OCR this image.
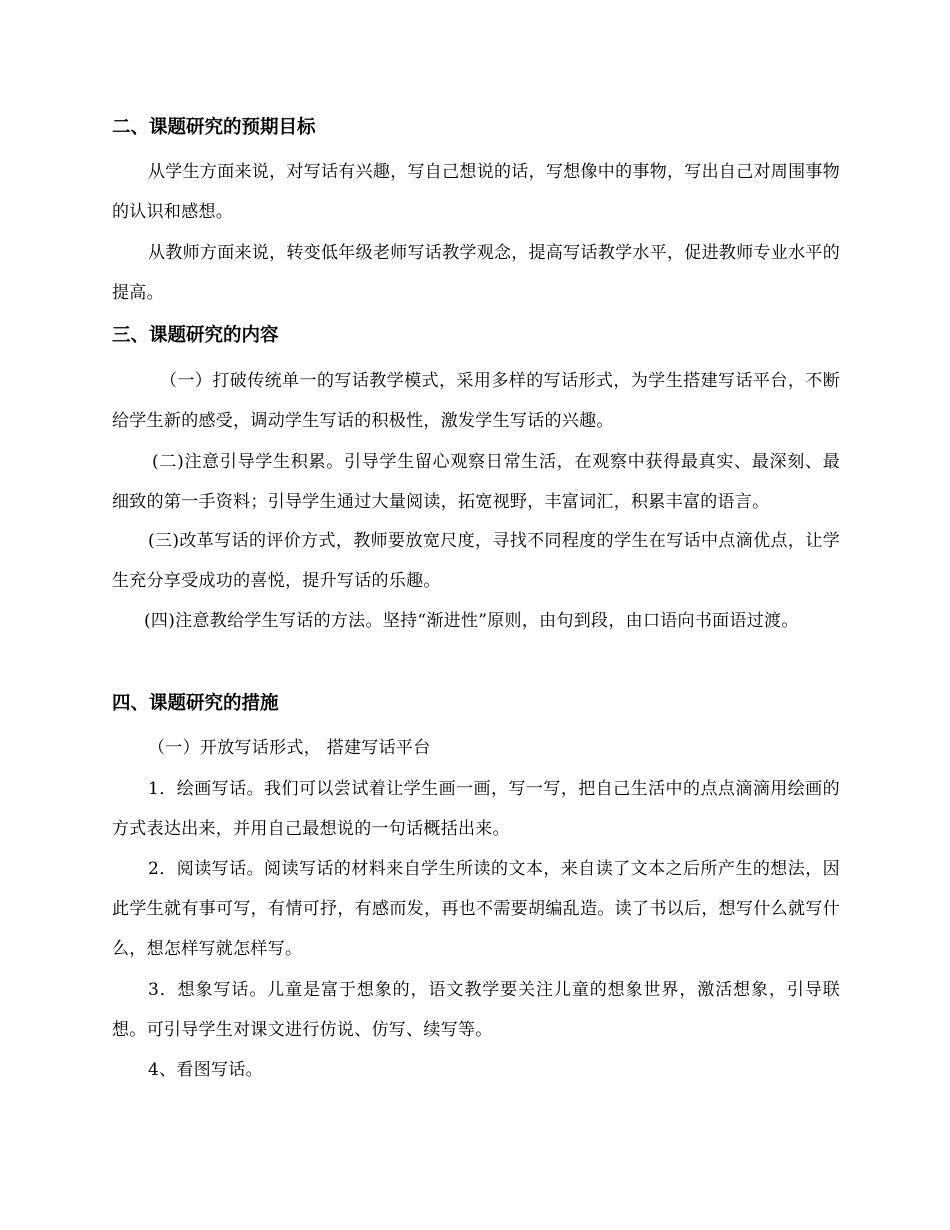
二、课题研究的预期目标
从学生方面来说，对写话有兴趣，写自己想说的话，写想像中的事物，写出自己对周围事物的认识和感想。
从教师方面来说，转变低年级老师写话教学观念，提高写话教学水平，促进教师专业水平的提高。
三、课题研究的内容
（一）打破传统单一的写话教学模式，采用多样的写话形式，为学生搭建写话平台，不断给学生新的感受，调动学生写话的积极性，激发学生写话的兴趣。
(二)注意引导学生积累。引导学生留心观察日常生活，在观察中获得最真实、最深刻、最细致的第一手资料；引导学生通过大量阅读，拓宽视野，丰富词汇，积累丰富的语言。
(三)改革写话的评价方式，教师要放宽尺度，寻找不同程度的学生在写话中点滴优点，让学生充分享受成功的喜悦，提升写话的乐趣。
(四)注意教给学生写话的方法。坚持“渐进性”原则，由句到段，由口语向书面语过渡。
四、课题研究的措施
（一）开放写话形式， 搭建写话平台
1．绘画写话。我们可以尝试着让学生画一画，写一写，把自己生活中的点点滴滴用绘画的方式表达出来，并用自己最想说的一句话概括出来。
2．阅读写话。阅读写话的材料来自学生所读的文本，来自读了文本之后所产生的想法，因此学生就有事可写，有情可抒，有感而发，再也不需要胡编乱造。读了书以后，想写什么就写什么，想怎样写就怎样写。
3．想象写话。儿童是富于想象的，语文教学要关注儿童的想象世界，激活想象，引导联想。可引导学生对课文进行仿说、仿写、续写等。
4、看图写话。
